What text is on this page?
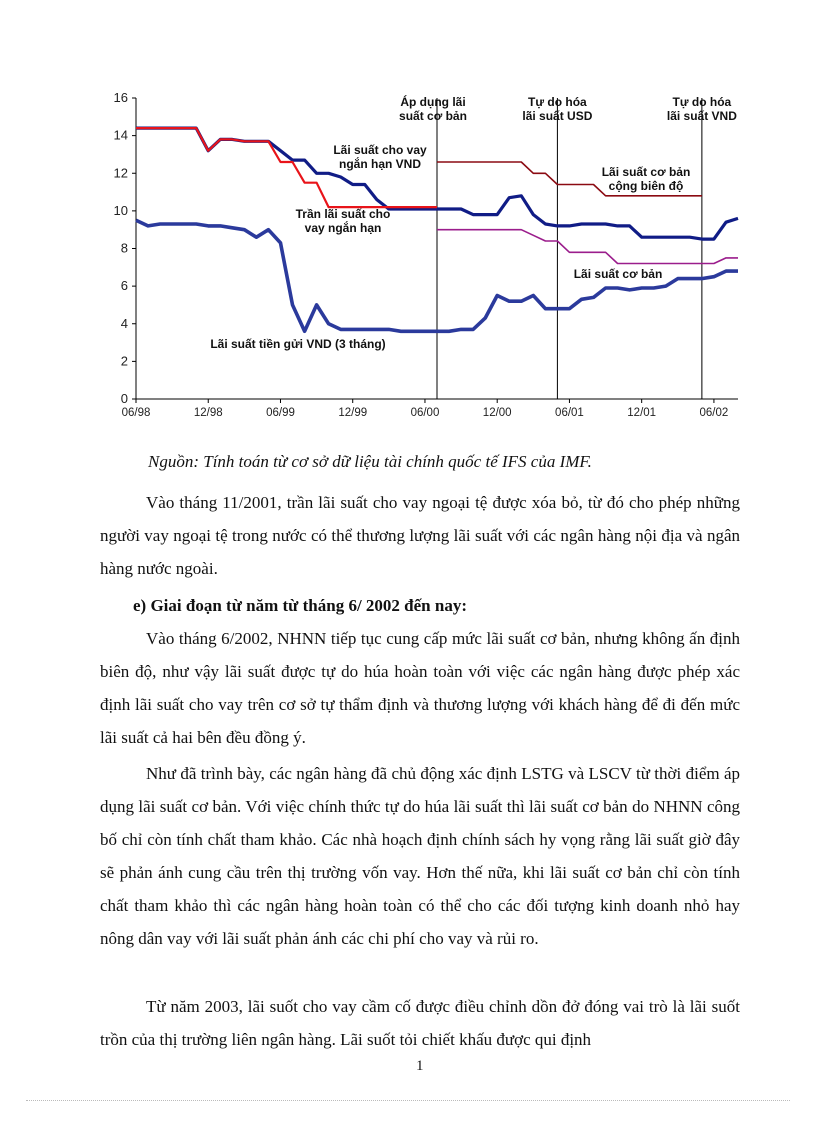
0
2
4
6
8
10
12
14
16
06/98	12/98	06/99	12/99	06/00	12/00	06/01	12/01	06/02
Áp dụng lãi suất cơ bản
Tự do hóa lãi suất USD
Tự do hóa lãi suất VND
Lãi suất cho vay ngắn hạn VND
Trần lãi suất cho vay ngắn hạn
Lãi suất cơ bản cộng biên độ
Lãi suất cơ bản
Lãi suất tiền gửi VND (3 tháng)
Nguồn: Tính toán từ cơ sở dữ liệu tài chính quốc tế IFS của IMF.
Vào tháng 11/2001, trần lãi suất cho vay ngoại tệ được xóa bỏ, từ đó cho phép những người vay ngoại tệ trong nước có thể thương lượng lãi suất với các ngân hàng nội địa và ngân hàng nước ngoài.
e) Giai đoạn từ năm từ tháng 6/ 2002 đến nay:
Vào tháng 6/2002, NHNN tiếp tục cung cấp mức lãi suất cơ bản, nhưng không ấn định biên độ, như vậy lãi suất được tự do húa hoàn toàn với việc các ngân hàng được phép xác định lãi suất cho vay trên cơ sở tự thẩm định và thương lượng với khách hàng để đi đến mức lãi suất cả hai bên đều đồng ý.
Như đã trình bày, các ngân hàng đã chủ động xác định LSTG và LSCV từ thời điểm áp dụng lãi suất cơ bản. Với việc chính thức tự do húa lãi suất thì lãi suất cơ bản do NHNN công bố chỉ còn tính chất tham khảo. Các nhà hoạch định chính sách hy vọng rằng lãi suất giờ đây sẽ phản ánh cung cầu trên thị trường vốn vay. Hơn thế nữa, khi lãi suất cơ bản chỉ còn tính chất tham khảo thì các ngân hàng hoàn toàn có thể cho các đối tượng kinh doanh nhỏ hay nông dân vay với lãi suất phản ánh các chi phí cho vay và rủi ro.
Từ năm 2003, lãi suốt cho vay cầm cố được điều chỉnh dồn đở đóng vai trò là lãi suốt trồn của thị trường liên ngân hàng. Lãi suốt tỏi chiết khấu được qui định
1
